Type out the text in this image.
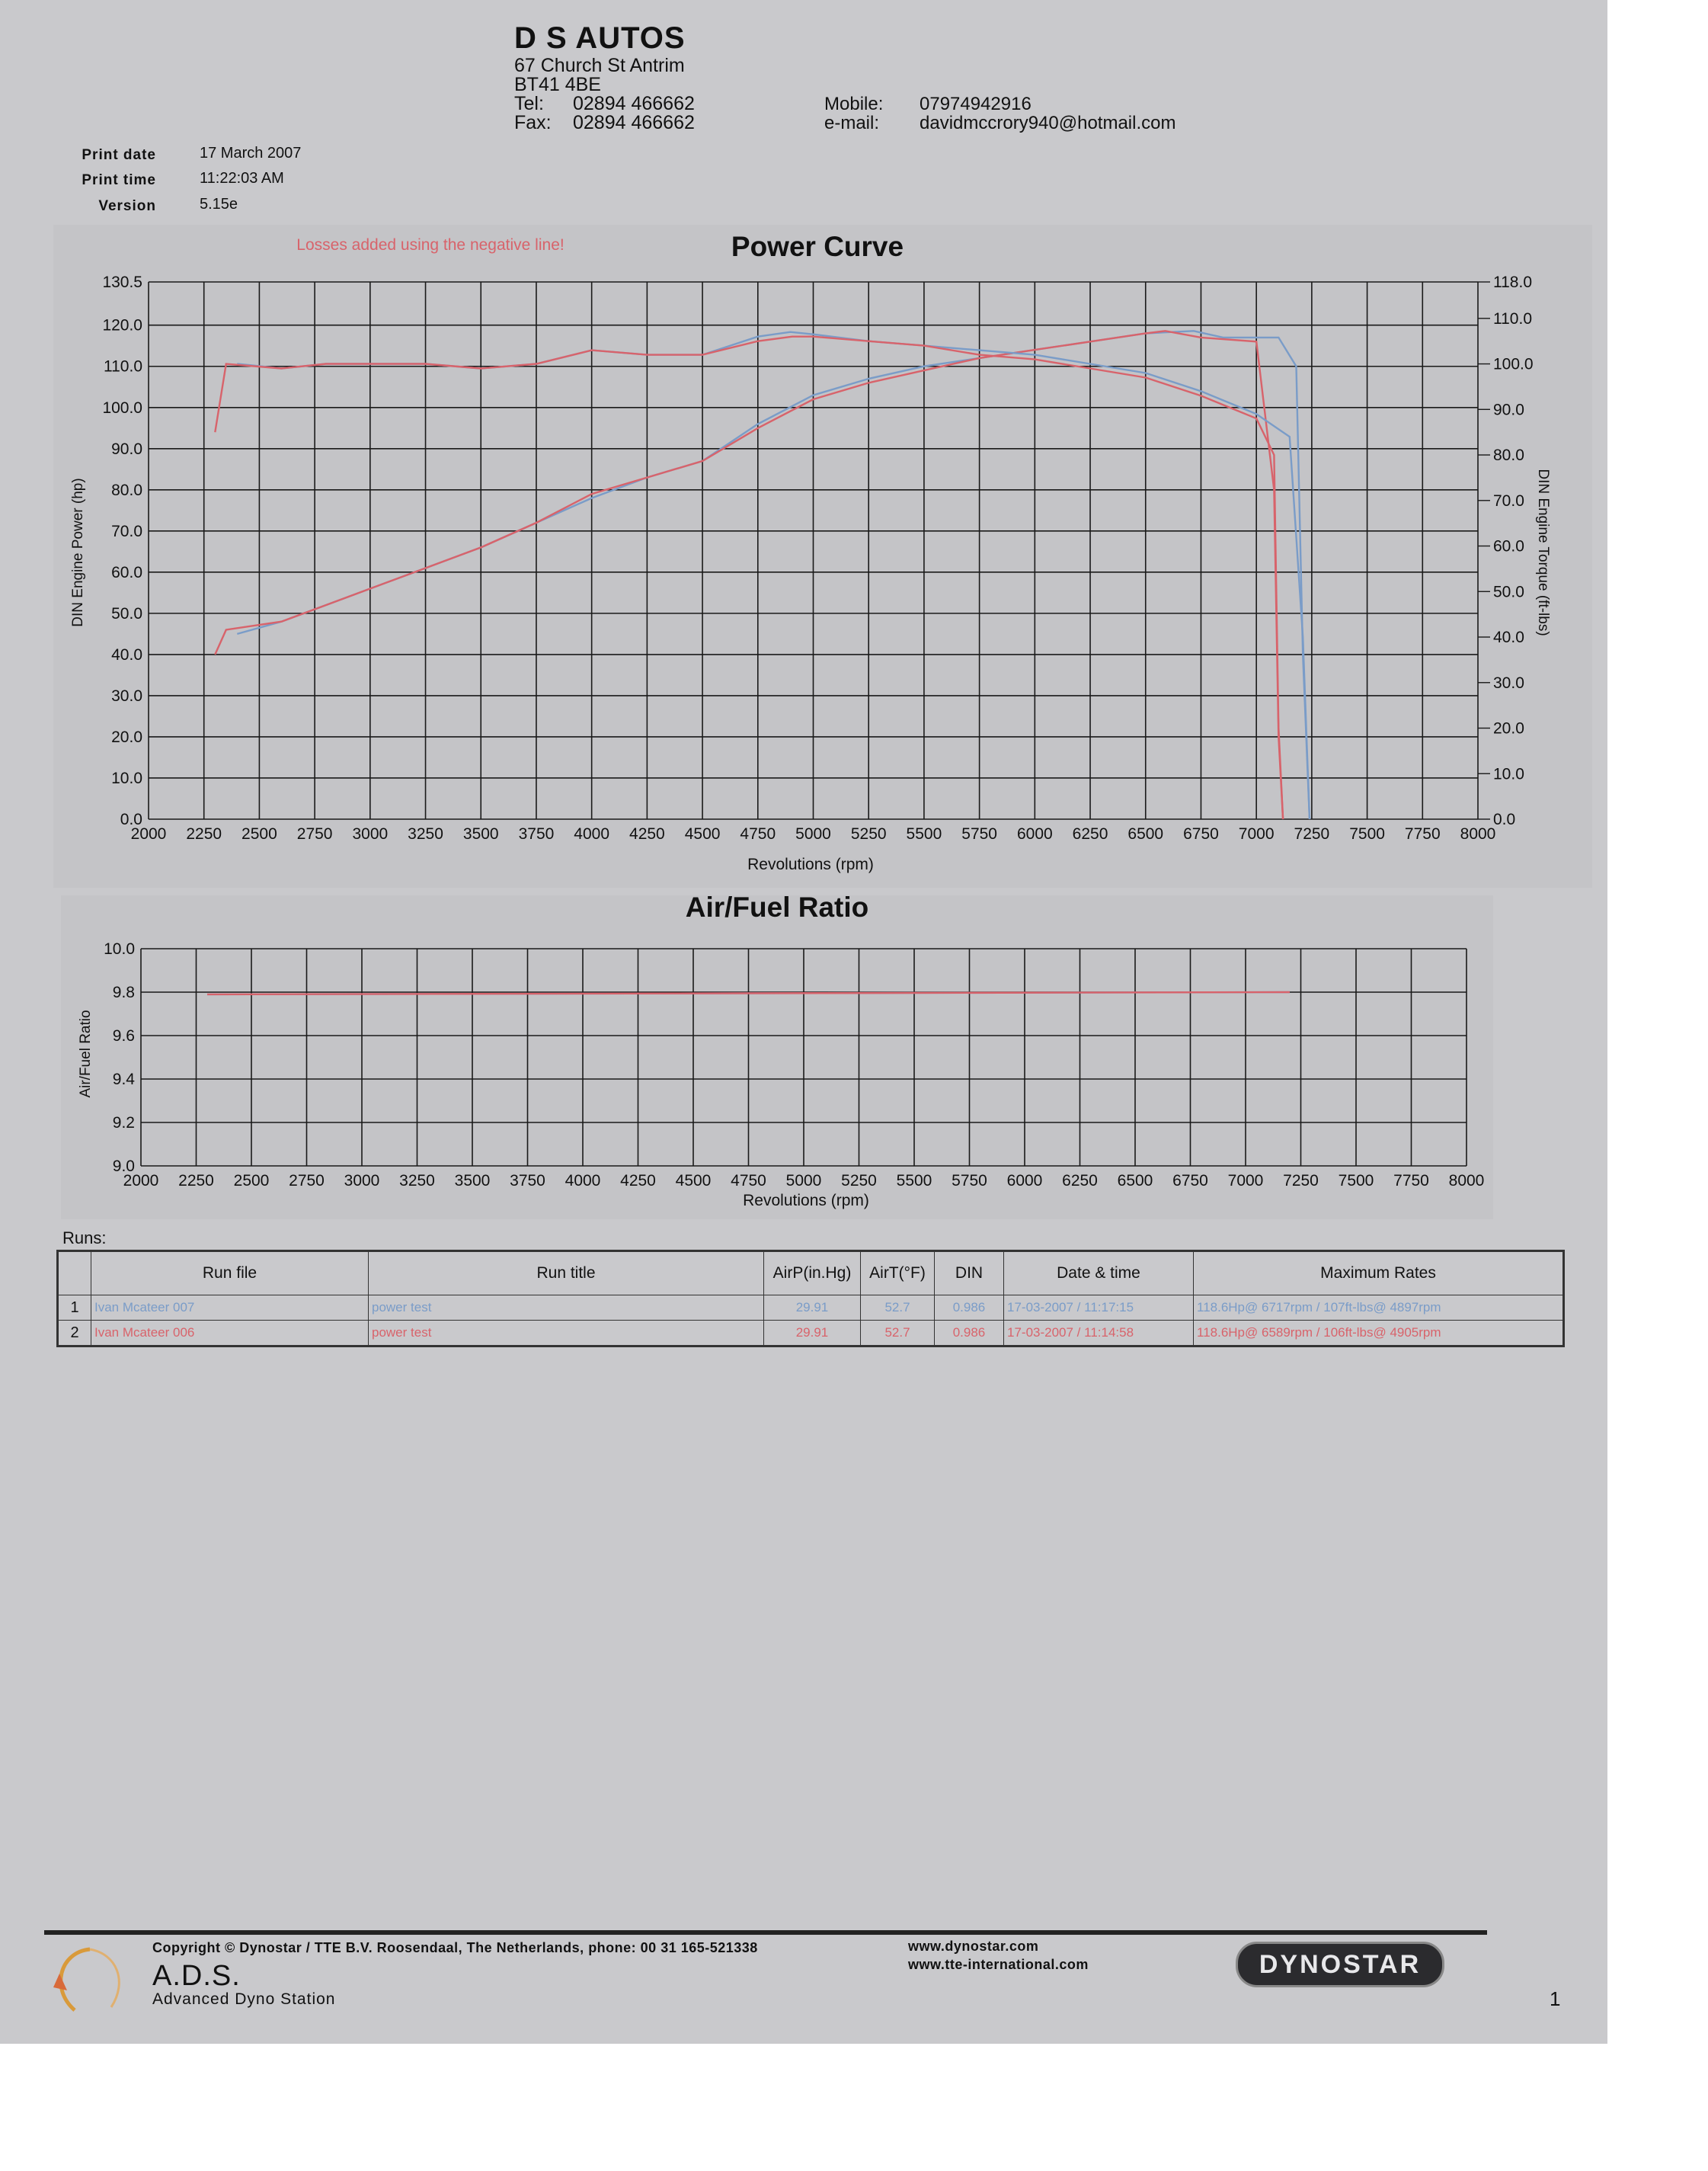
D S AUTOS
67 Church St Antrim
BT41 4BE
Tel: 02894 466662
Fax: 02894 466662
Mobile: 07974942916
e-mail: davidmccrory940@hotmail.com
Print date	17 March 2007
Print time	11:22:03 AM
Version	5.15e
Losses added using the negative line!	Power Curve
2000 2250 2500 2750 3000 3250 3500 3750 4000 4250 4500 4750 5000 5250 5500 5750 6000 6250 6500 6750 7000 7250 7500 7750 8000
0.0
10.0
20.0
30.0
40.0
50.0
60.0
70.0
80.0
90.0
100.0
110.0
120.0
130.5
0.0
10.0
20.0
30.0
40.0
50.0
60.0
70.0
80.0
90.0
100.0
110.0
118.0
Revolutions (rpm)
DIN Engine Power (hp)	DIN Engine Torque (ft-lbs)
Air/Fuel Ratio
2000 2250 2500 2750 3000 3250 3500 3750 4000 4250 4500 4750 5000 5250 5500 5750 6000 6250 6500 6750 7000 7250 7500 7750 8000
9.0
9.2
9.4
9.6
9.8
10.0
Revolutions (rpm)
Air/Fuel Ratio
Runs:
	Run file	Run title	AirP(in.Hg)	AirT(°F)	DIN	Date & time	Maximum Rates
1	Ivan Mcateer 007	power test	29.91	52.7	0.986	17-03-2007 / 11:17:15	118.6Hp@ 6717rpm / 107ft-lbs@ 4897rpm
2	Ivan Mcateer 006	power test	29.91	52.7	0.986	17-03-2007 / 11:14:58	118.6Hp@ 6589rpm / 106ft-lbs@ 4905rpm
Copyright © Dynostar / TTE B.V. Roosendaal, The Netherlands, phone: 00 31 165-521338
A.D.S.
Advanced Dyno Station
www.dynostar.com
www.tte-international.com	DYNOSTAR
1
